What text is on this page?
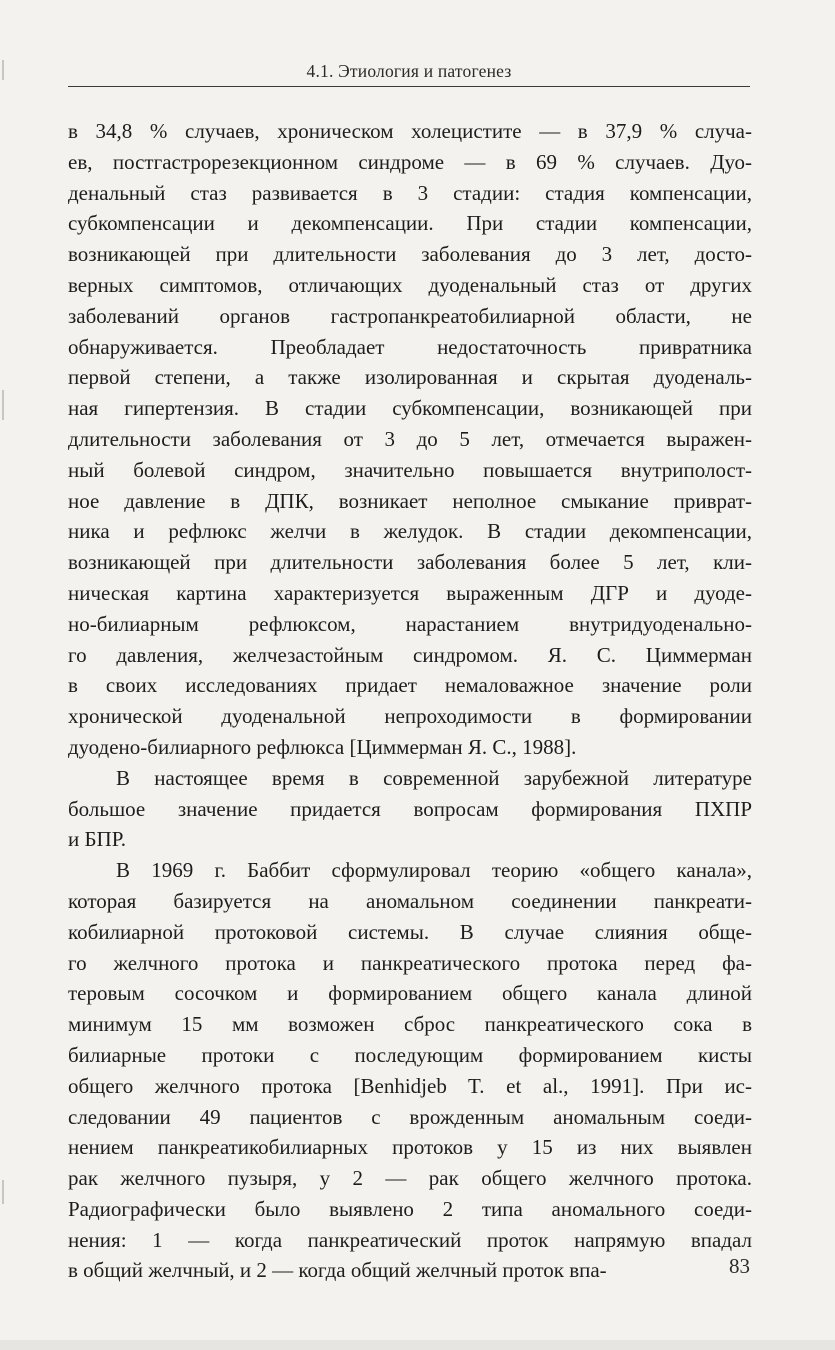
4.1. Этиология и патогенез
в 34,8 % случаев, хроническом холецистите — в 37,9 % случа-
ев, постгастрорезекционном синдроме — в 69 % случаев. Дуо-
денальный стаз развивается в 3 стадии: стадия компенсации,
субкомпенсации и декомпенсации. При стадии компенсации,
возникающей при длительности заболевания до 3 лет, досто-
верных симптомов, отличающих дуоденальный стаз от других
заболеваний органов гастропанкреатобилиарной области, не
обнаруживается. Преобладает недостаточность привратника
первой степени, а также изолированная и скрытая дуоденаль-
ная гипертензия. В стадии субкомпенсации, возникающей при
длительности заболевания от 3 до 5 лет, отмечается выражен-
ный болевой синдром, значительно повышается внутриполост-
ное давление в ДПК, возникает неполное смыкание приврат-
ника и рефлюкс желчи в желудок. В стадии декомпенсации,
возникающей при длительности заболевания более 5 лет, кли-
ническая картина характеризуется выраженным ДГР и дуоде-
но-билиарным рефлюксом, нарастанием внутридуоденально-
го давления, желчезастойным синдромом. Я. С. Циммерман
в своих исследованиях придает немаловажное значение роли
хронической дуоденальной непроходимости в формировании
дуодено-билиарного рефлюкса [Циммерман Я. С., 1988].
В настоящее время в современной зарубежной литературе
большое значение придается вопросам формирования ПХПР
и БПР.
В 1969 г. Баббит сформулировал теорию «общего канала»,
которая базируется на аномальном соединении панкреати-
кобилиарной протоковой системы. В случае слияния обще-
го желчного протока и панкреатического протока перед фа-
теровым сосочком и формированием общего канала длиной
минимум 15 мм возможен сброс панкреатического сока в
билиарные протоки с последующим формированием кисты
общего желчного протока [Benhidjeb T. et al., 1991]. При ис-
следовании 49 пациентов с врожденным аномальным соеди-
нением панкреатикобилиарных протоков у 15 из них выявлен
рак желчного пузыря, у 2 — рак общего желчного протока.
Радиографически было выявлено 2 типа аномального соеди-
нения: 1 — когда панкреатический проток напрямую впадал
в общий желчный, и 2 — когда общий желчный проток впа-	83
